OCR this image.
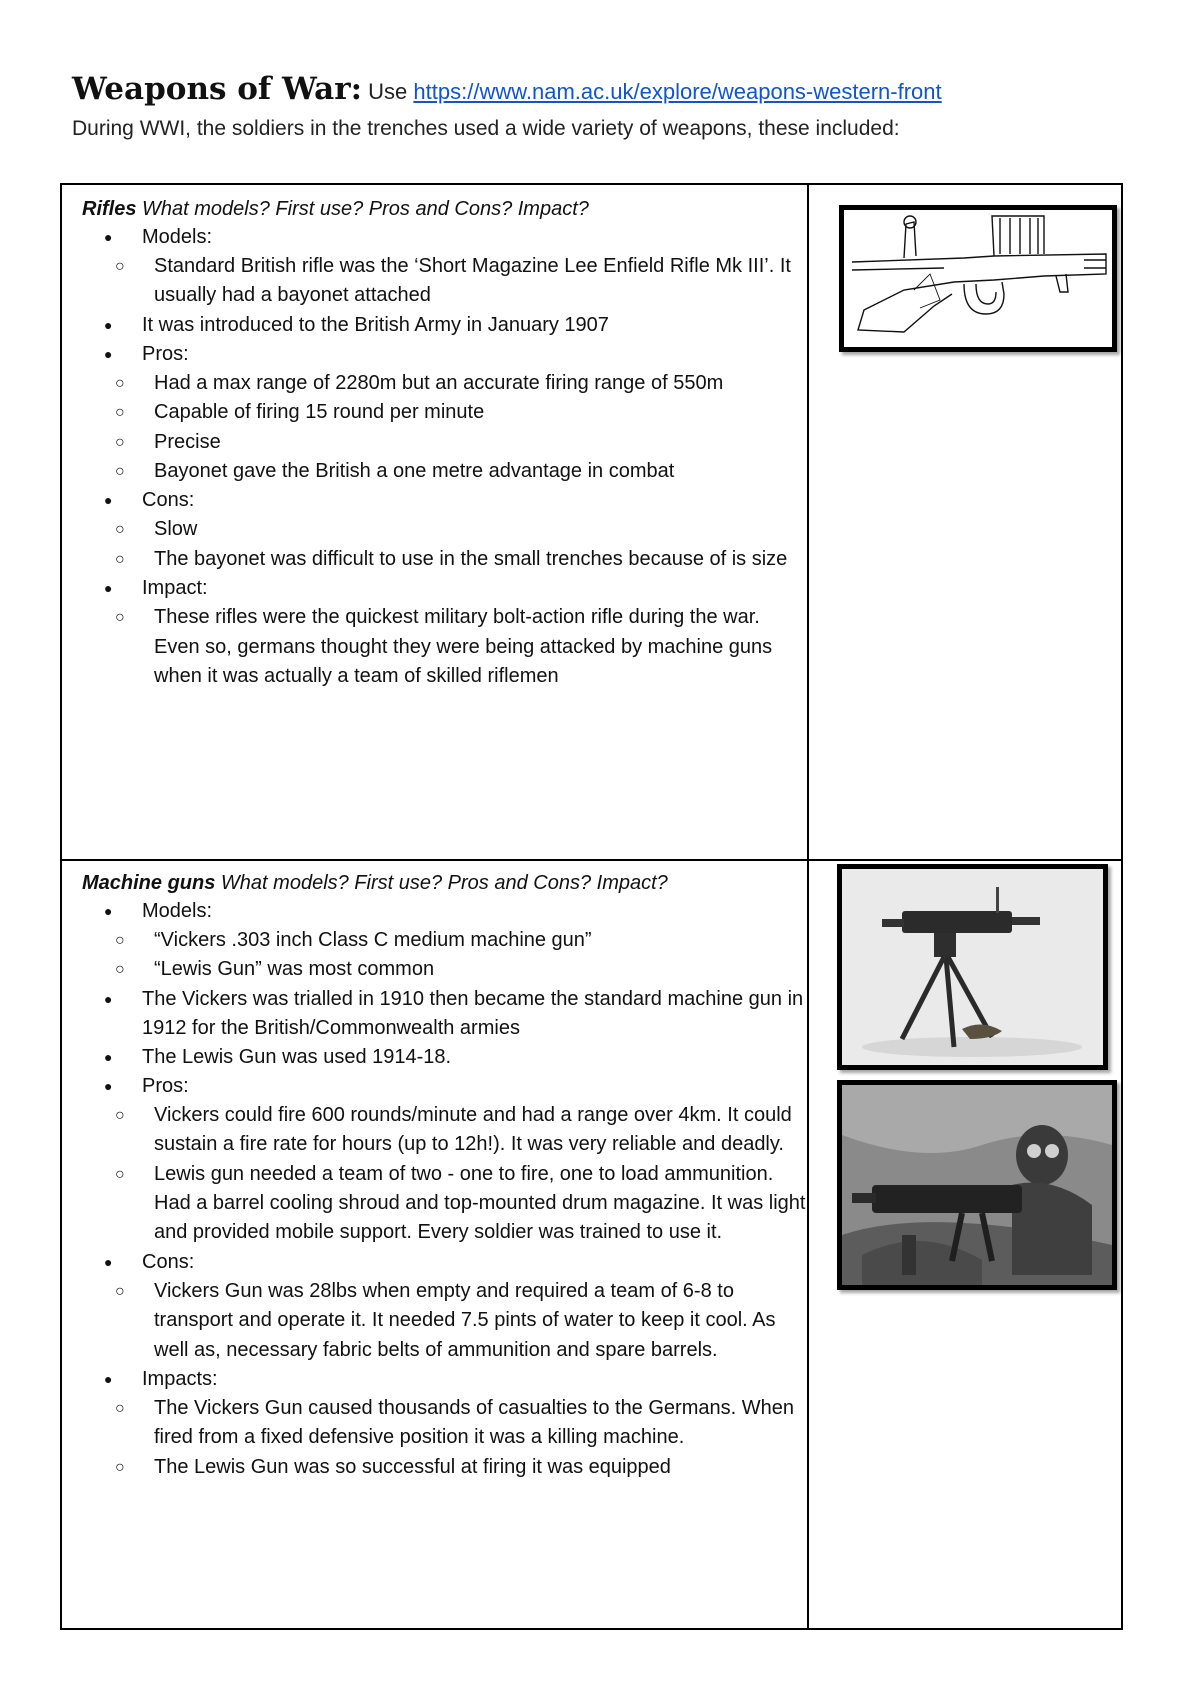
Weapons of War: Use https://www.nam.ac.uk/explore/weapons-western-front
During WWI, the soldiers in the trenches used a wide variety of weapons, these included:
Rifles What models? First use? Pros and Cons? Impact?
● Models:
○ Standard British rifle was the ‘Short Magazine Lee Enfield Rifle Mk III’. It usually had a bayonet attached
● It was introduced to the British Army in January 1907
● Pros:
○ Had a max range of 2280m but an accurate firing range of 550m
○ Capable of firing 15 round per minute
○ Precise
○ Bayonet gave the British a one metre advantage in combat
● Cons:
○ Slow
○ The bayonet was difficult to use in the small trenches because of is size
● Impact:
○ These rifles were the quickest military bolt-action rifle during the war. Even so, germans thought they were being attacked by machine guns when it was actually a team of skilled riflemen
Machine guns What models? First use? Pros and Cons? Impact?
● Models:
○ “Vickers .303 inch Class C medium machine gun”
○ “Lewis Gun” was most common
● The Vickers was trialled in 1910 then became the standard machine gun in 1912 for the British/Commonwealth armies
● The Lewis Gun was used 1914-18.
● Pros:
○ Vickers could fire 600 rounds/minute and had a range over 4km. It could sustain a fire rate for hours (up to 12h!). It was very reliable and deadly.
○ Lewis gun needed a team of two - one to fire, one to load ammunition. Had a barrel cooling shroud and top-mounted drum magazine. It was light and provided mobile support. Every soldier was trained to use it.
● Cons:
○ Vickers Gun was 28lbs when empty and required a team of 6-8 to transport and operate it. It needed 7.5 pints of water to keep it cool. As well as, necessary fabric belts of ammunition and spare barrels.
● Impacts:
○ The Vickers Gun caused thousands of casualties to the Germans. When fired from a fixed defensive position it was a killing machine.
○ The Lewis Gun was so successful at firing it was equipped
